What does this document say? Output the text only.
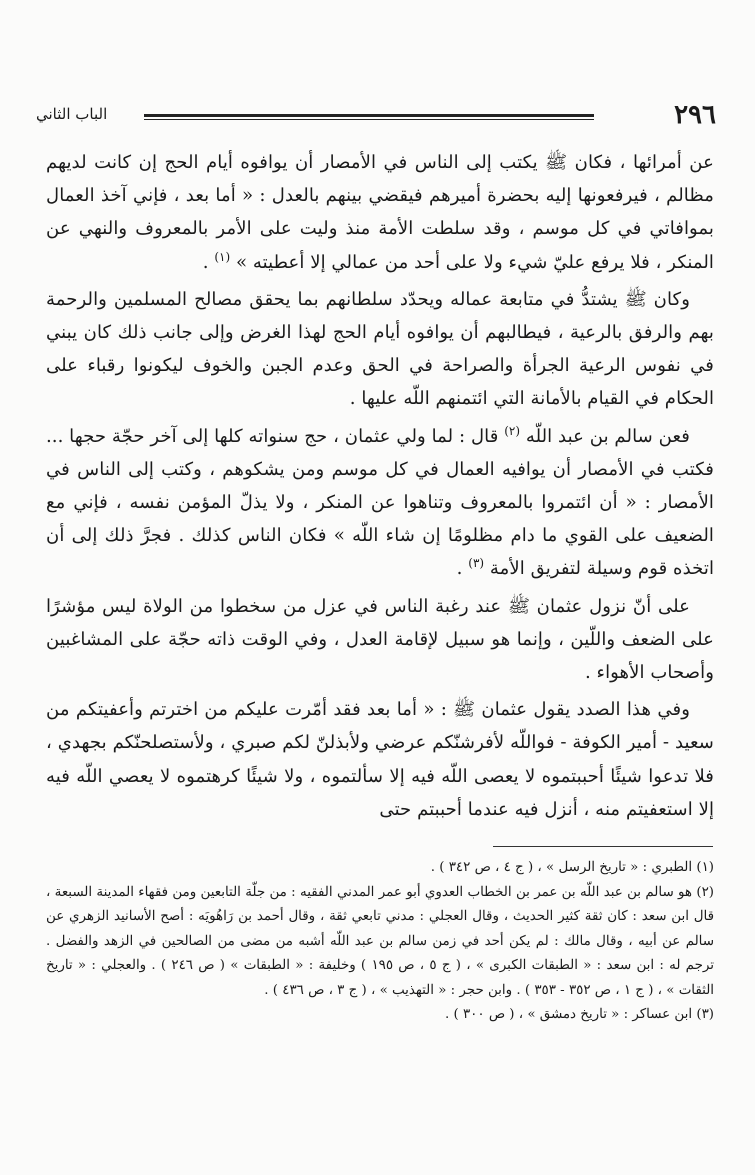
٢٩٦
الباب الثاني

عن أمرائها ، فكان ﷺ يكتب إلى الناس في الأمصار أن يوافوه أيام الحج إن كانت لديهم مظالم ، فيرفعونها إليه بحضرة أميرهم فيقضي بينهم بالعدل : « أما بعد ، فإني آخذ العمال بموافاتي في كل موسم ، وقد سلطت الأمة منذ وليت على الأمر بالمعروف والنهي عن المنكر ، فلا يرفع عليّ شيء ولا على أحد من عمالي إلا أعطيته » $^{(١)}$ .

وكان ﷺ يشتدُّ في متابعة عماله ويحدّد سلطانهم بما يحقق مصالح المسلمين والرحمة بهم والرفق بالرعية ، فيطالبهم أن يوافوه أيام الحج لهذا الغرض وإلى جانب ذلك كان يبني في نفوس الرعية الجرأة والصراحة في الحق وعدم الجبن والخوف ليكونوا رقباء على الحكام في القيام بالأمانة التي ائتمنهم اللّه عليها .

فعن سالم بن عبد اللّه $^{(٢)}$ قال : لما ولي عثمان ، حج سنواته كلها إلى آخر حجّة حجها ... فكتب في الأمصار أن يوافيه العمال في كل موسم ومن يشكوهم ، وكتب إلى الناس في الأمصار : « أن ائتمروا بالمعروف وتناهوا عن المنكر ، ولا يذلّ المؤمن نفسه ، فإني مع الضعيف على القوي ما دام مظلومًا إن شاء اللّه » فكان الناس كذلك . فجرَّ ذلك إلى أن اتخذه قوم وسيلة لتفريق الأمة $^{(٣)}$ .

على أنّ نزول عثمان ﷺ عند رغبة الناس في عزل من سخطوا من الولاة ليس مؤشرًا على الضعف واللّين ، وإنما هو سبيل لإقامة العدل ، وفي الوقت ذاته حجّة على المشاغبين وأصحاب الأهواء .

وفي هذا الصدد يقول عثمان ﷺ : « أما بعد فقد أمّرت عليكم من اخترتم وأعفيتكم من سعيد - أمير الكوفة - فواللّه لأفرشنّكم عرضي ولأبذلنّ لكم صبري ، ولأستصلحنّكم بجهدي ، فلا تدعوا شيئًا أحببتموه لا يعصى اللّه فيه إلا سألتموه ، ولا شيئًا كرهتموه لا يعصي اللّه فيه إلا استعفيتم منه ، أنزل فيه عندما أحببتم حتى

(١) الطبري : « تاريخ الرسل » ، ( ج ٤ ، ص ٣٤٢ ) .

(٢) هو سالم بن عبد اللّه بن عمر بن الخطاب العدوي أبو عمر المدني الفقيه : من جلّة التابعين ومن فقهاء المدينة السبعة ، قال ابن سعد : كان ثقة كثير الحديث ، وقال العجلي : مدني تابعي ثقة ، وقال أحمد بن رَاهُويَه : أصح الأسانيد الزهري عن سالم عن أبيه ، وقال مالك : لم يكن أحد في زمن سالم بن عبد اللّه أشبه من مضى من الصالحين في الزهد والفضل . ترجم له : ابن سعد : « الطبقات الكبرى » ، ( ج ٥ ، ص ١٩٥ ) وخليفة : « الطبقات » ( ص ٢٤٦ ) . والعجلي : « تاريخ الثقات » ، ( ج ١ ، ص ٣٥٢ - ٣٥٣ ) . وابن حجر : « التهذيب » ، ( ج ٣ ، ص ٤٣٦ ) .

(٣) ابن عساكر : « تاريخ دمشق » ، ( ص ٣٠٠ ) .
